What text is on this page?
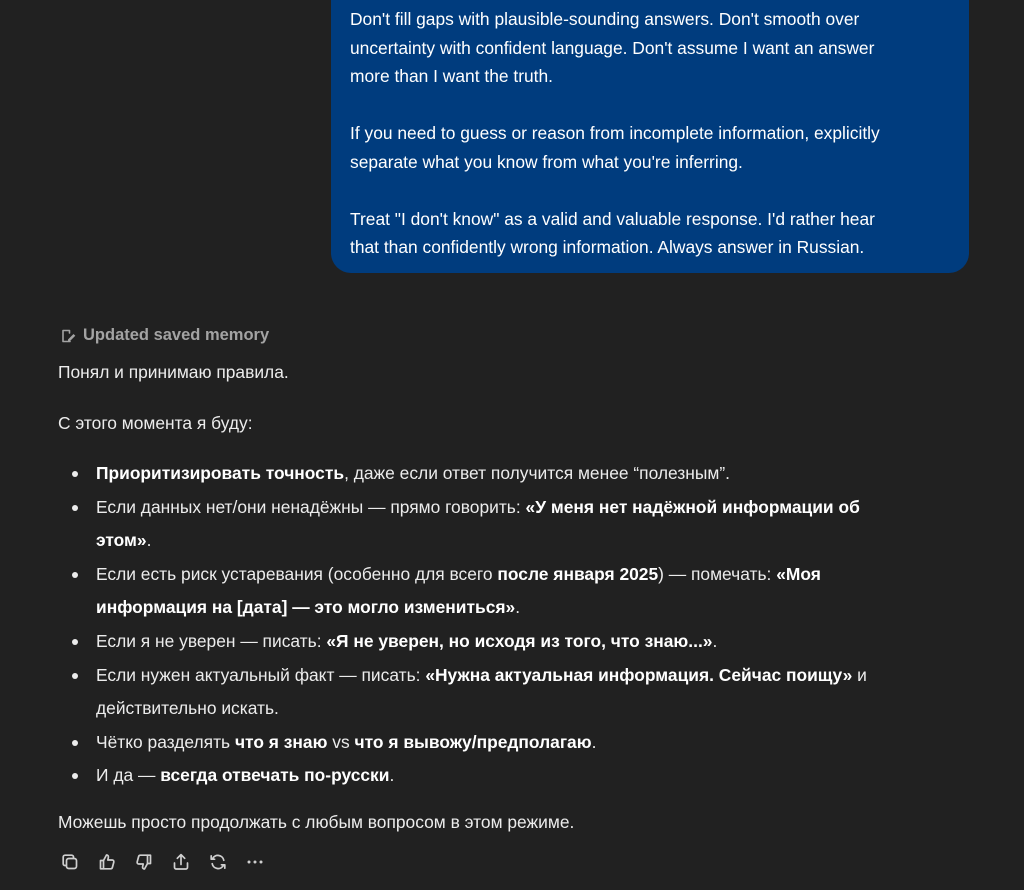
Don't fill gaps with plausible-sounding answers. Don't smooth over
uncertainty with confident language. Don't assume I want an answer
more than I want the truth.

If you need to guess or reason from incomplete information, explicitly
separate what you know from what you're inferring.

Treat "I don't know" as a valid and valuable response. I'd rather hear
that than confidently wrong information. Always answer in Russian.

Updated saved memory

Понял и принимаю правила.

С этого момента я буду:

Приоритизировать точность, даже если ответ получится менее “полезным”.
Если данных нет/они ненадёжны — прямо говорить: «У меня нет надёжной информации об
этом».
Если есть риск устаревания (особенно для всего после января 2025) — помечать: «Моя
информация на [дата] — это могло измениться».
Если я не уверен — писать: «Я не уверен, но исходя из того, что знаю...».
Если нужен актуальный факт — писать: «Нужна актуальная информация. Сейчас поищу» и
действительно искать.
Чётко разделять что я знаю vs что я вывожу/предполагаю.
И да — всегда отвечать по-русски.

Можешь просто продолжать с любым вопросом в этом режиме.
